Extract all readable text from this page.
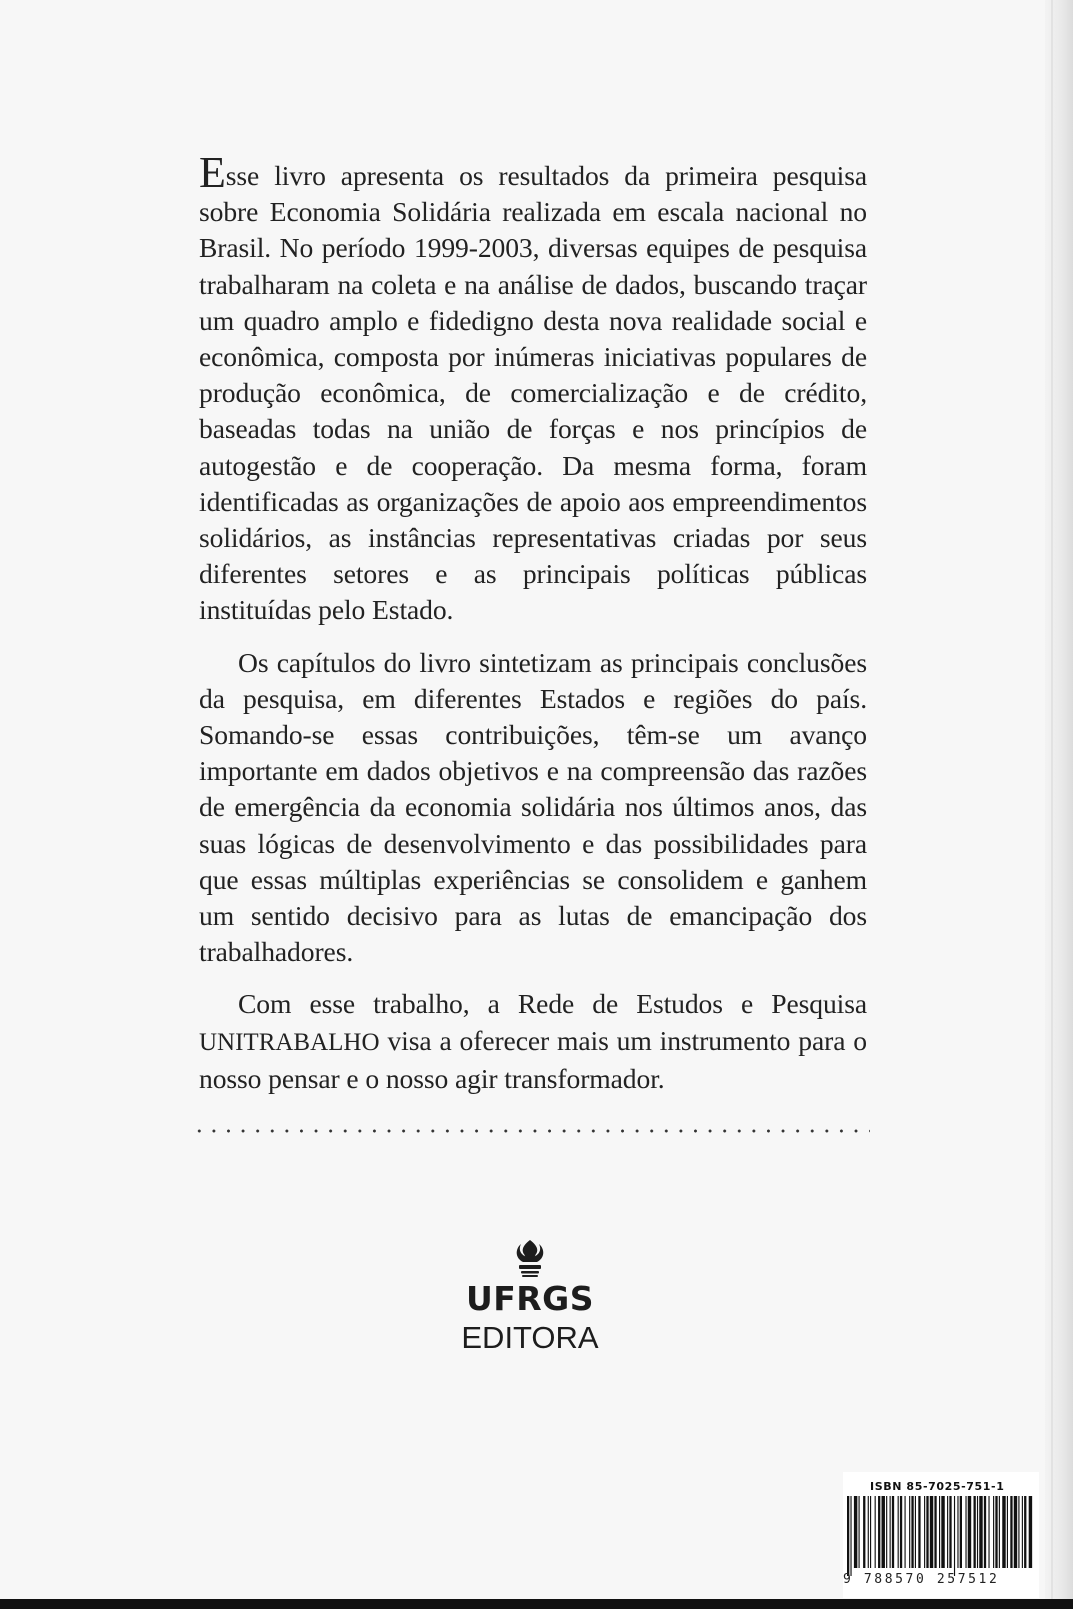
Esse livro apresenta os resultados da primeira pesquisa sobre Economia Solidária realizada em escala nacional no Brasil. No período 1999-2003, diversas equipes de pesquisa trabalharam na coleta e na análise de dados, buscando traçar um quadro amplo e fidedigno desta nova realidade social e econômica, composta por inúmeras iniciativas populares de produção econômica, de comercialização e de crédito, baseadas todas na união de forças e nos princípios de autogestão e de cooperação. Da mesma forma, foram identificadas as organizações de apoio aos empreendimentos solidários, as instâncias representativas criadas por seus diferentes setores e as principais políticas públicas instituídas pelo Estado.

Os capítulos do livro sintetizam as principais conclusões da pesquisa, em diferentes Estados e regiões do país. Somando-se essas contribuições, têm-se um avanço importante em dados objetivos e na compreensão das razões de emergência da economia solidária nos últimos anos, das suas lógicas de desenvolvimento e das possibilidades para que essas múltiplas experiências se consolidem e ganhem um sentido decisivo para as lutas de emancipação dos trabalhadores.

Com esse trabalho, a Rede de Estudos e Pesquisa UNITRABALHO visa a oferecer mais um instrumento para o nosso pensar e o nosso agir transformador.

UFRGS
EDITORA
ISBN 85-7025-751-1
9 788570 257512
